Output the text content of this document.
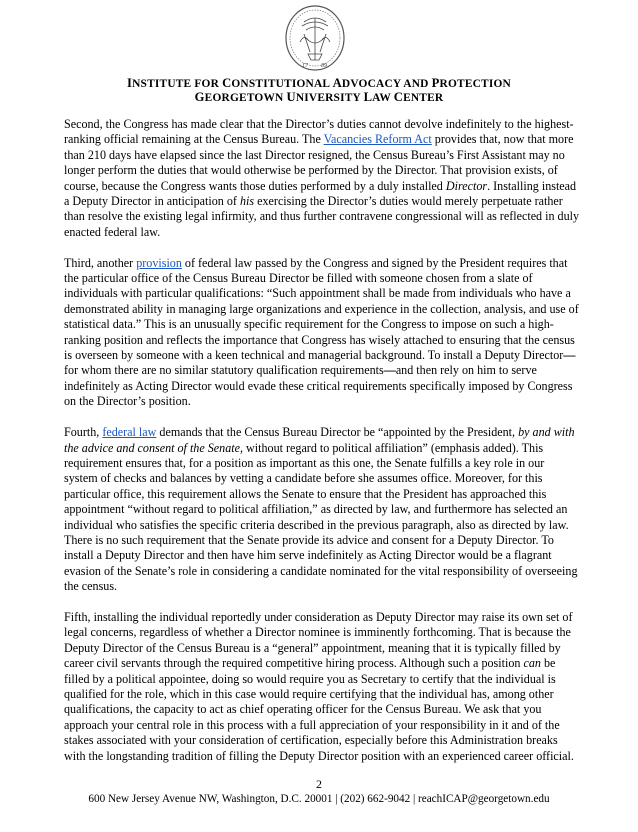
17 89
INSTITUTE FOR CONSTITUTIONAL ADVOCACY AND PROTECTION
GEORGETOWN UNIVERSITY LAW CENTER

Second, the Congress has made clear that the Director’s duties cannot devolve indefinitely to the highest-ranking official remaining at the Census Bureau. The Vacancies Reform Act provides that, now that more than 210 days have elapsed since the last Director resigned, the Census Bureau’s First Assistant may no longer perform the duties that would otherwise be performed by the Director. That provision exists, of course, because the Congress wants those duties performed by a duly installed Director. Installing instead a Deputy Director in anticipation of his exercising the Director’s duties would merely perpetuate rather than resolve the existing legal infirmity, and thus further contravene congressional will as reflected in duly enacted federal law.

Third, another provision of federal law passed by the Congress and signed by the President requires that the particular office of the Census Bureau Director be filled with someone chosen from a slate of individuals with particular qualifications: “Such appointment shall be made from individuals who have a demonstrated ability in managing large organizations and experience in the collection, analysis, and use of statistical data.” This is an unusually specific requirement for the Congress to impose on such a high-ranking position and reflects the importance that Congress has wisely attached to ensuring that the census is overseen by someone with a keen technical and managerial background. To install a Deputy Director—for whom there are no similar statutory qualification requirements—and then rely on him to serve indefinitely as Acting Director would evade these critical requirements specifically imposed by Congress on the Director’s position.

Fourth, federal law demands that the Census Bureau Director be “appointed by the President, by and with the advice and consent of the Senate, without regard to political affiliation” (emphasis added). This requirement ensures that, for a position as important as this one, the Senate fulfills a key role in our system of checks and balances by vetting a candidate before she assumes office. Moreover, for this particular office, this requirement allows the Senate to ensure that the President has approached this appointment “without regard to political affiliation,” as directed by law, and furthermore has selected an individual who satisfies the specific criteria described in the previous paragraph, also as directed by law. There is no such requirement that the Senate provide its advice and consent for a Deputy Director. To install a Deputy Director and then have him serve indefinitely as Acting Director would be a flagrant evasion of the Senate’s role in considering a candidate nominated for the vital responsibility of overseeing the census.

Fifth, installing the individual reportedly under consideration as Deputy Director may raise its own set of legal concerns, regardless of whether a Director nominee is imminently forthcoming. That is because the Deputy Director of the Census Bureau is a “general” appointment, meaning that it is typically filled by career civil servants through the required competitive hiring process. Although such a position can be filled by a political appointee, doing so would require you as Secretary to certify that the individual is qualified for the role, which in this case would require certifying that the individual has, among other qualifications, the capacity to act as chief operating officer for the Census Bureau. We ask that you approach your central role in this process with a full appreciation of your responsibility in it and of the stakes associated with your consideration of certification, especially before this Administration breaks with the longstanding tradition of filling the Deputy Director position with an experienced career official.

2
600 New Jersey Avenue NW, Washington, D.C. 20001 | (202) 662-9042 | reachICAP@georgetown.edu
